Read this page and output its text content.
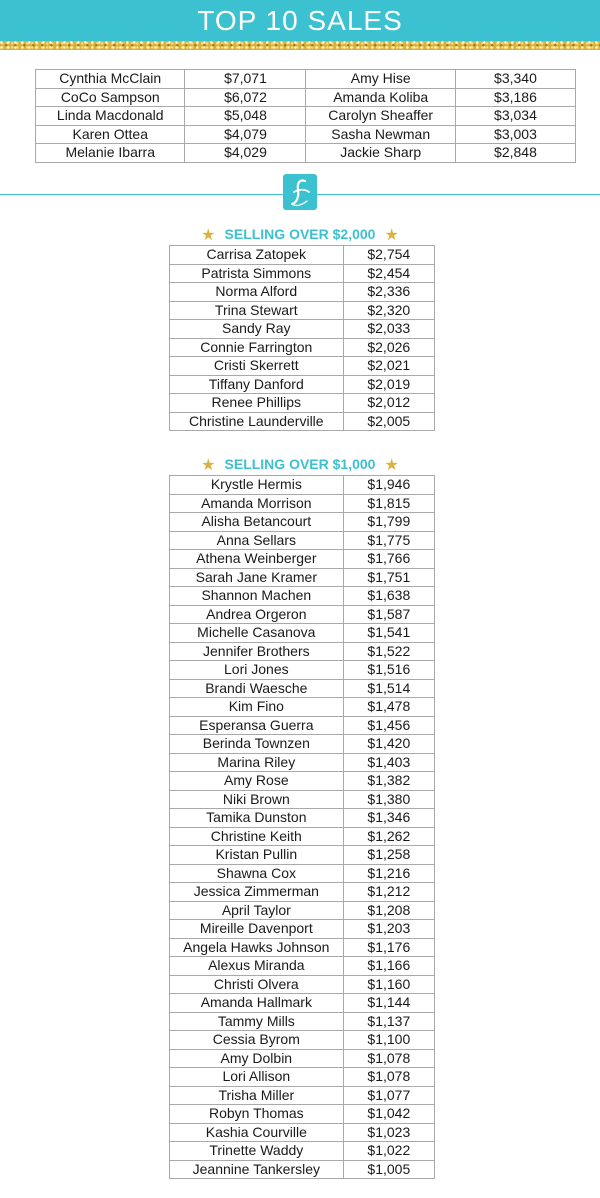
TOP 10 SALES
Cynthia McClain	$7,071	Amy Hise	$3,340
CoCo Sampson	$6,072	Amanda Koliba	$3,186
Linda Macdonald	$5,048	Carolyn Sheaffer	$3,034
Karen Ottea	$4,079	Sasha Newman	$3,003
Melanie Ibarra	$4,029	Jackie Sharp	$2,848
★ SELLING OVER $2,000 ★
Carrisa Zatopek	$2,754
Patrista Simmons	$2,454
Norma Alford	$2,336
Trina Stewart	$2,320
Sandy Ray	$2,033
Connie Farrington	$2,026
Cristi Skerrett	$2,021
Tiffany Danford	$2,019
Renee Phillips	$2,012
Christine Launderville	$2,005
★ SELLING OVER $1,000 ★
Krystle Hermis	$1,946
Amanda Morrison	$1,815
Alisha Betancourt	$1,799
Anna Sellars	$1,775
Athena Weinberger	$1,766
Sarah Jane Kramer	$1,751
Shannon Machen	$1,638
Andrea Orgeron	$1,587
Michelle Casanova	$1,541
Jennifer Brothers	$1,522
Lori Jones	$1,516
Brandi Waesche	$1,514
Kim Fino	$1,478
Esperansa Guerra	$1,456
Berinda Townzen	$1,420
Marina Riley	$1,403
Amy Rose	$1,382
Niki Brown	$1,380
Tamika Dunston	$1,346
Christine Keith	$1,262
Kristan Pullin	$1,258
Shawna Cox	$1,216
Jessica Zimmerman	$1,212
April Taylor	$1,208
Mireille Davenport	$1,203
Angela Hawks Johnson	$1,176
Alexus Miranda	$1,166
Christi Olvera	$1,160
Amanda Hallmark	$1,144
Tammy Mills	$1,137
Cessia Byrom	$1,100
Amy Dolbin	$1,078
Lori Allison	$1,078
Trisha Miller	$1,077
Robyn Thomas	$1,042
Kashia Courville	$1,023
Trinette Waddy	$1,022
Jeannine Tankersley	$1,005
